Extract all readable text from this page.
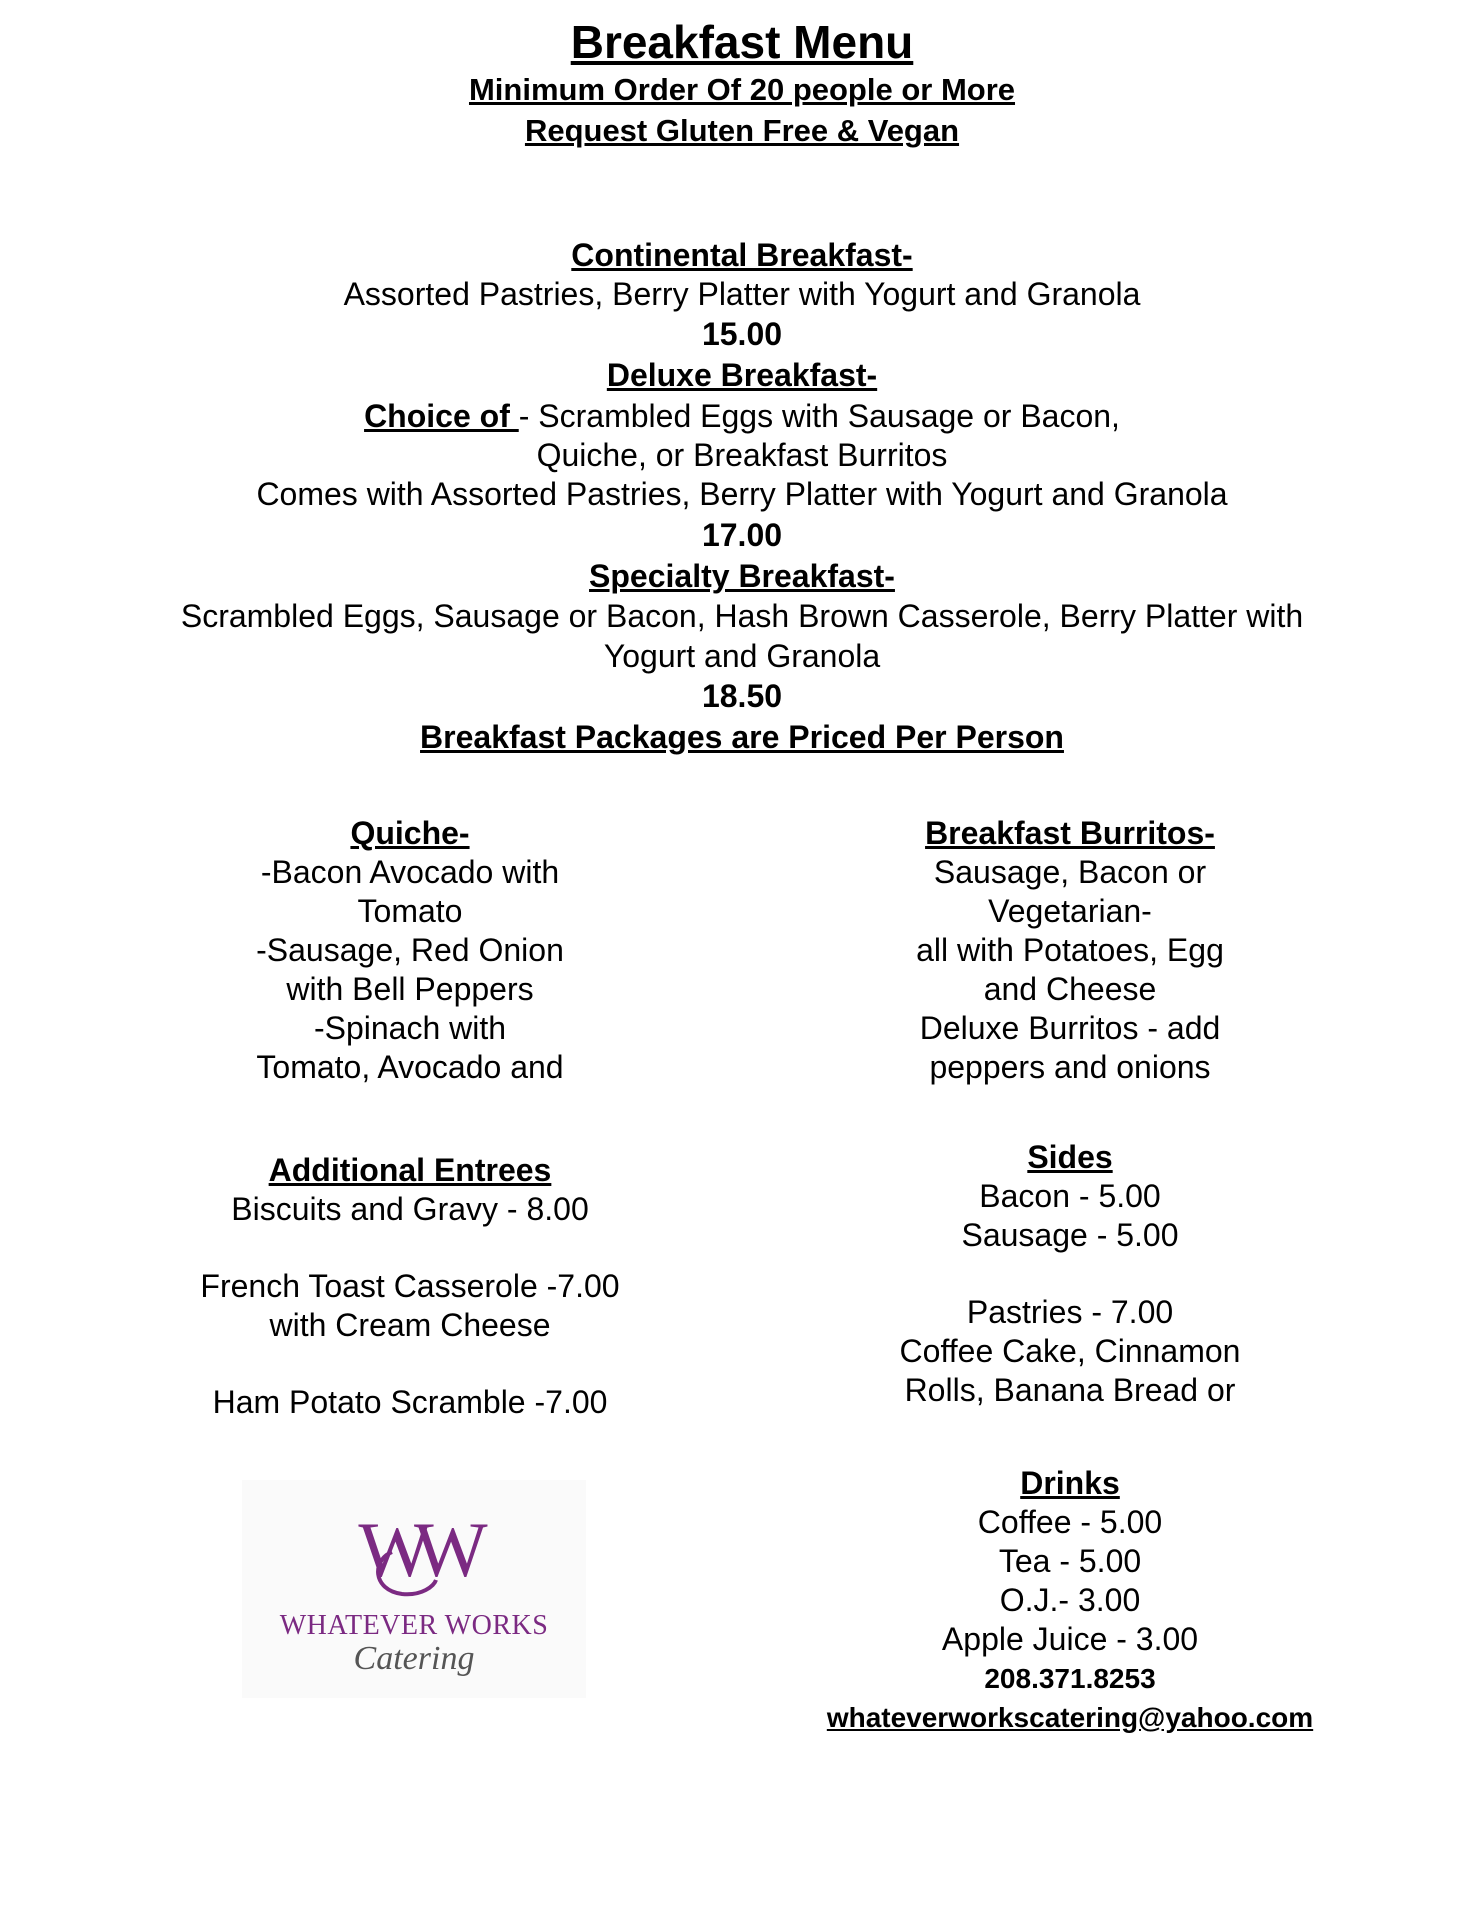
Breakfast Menu
Minimum Order Of 20 people or More
Request Gluten Free & Vegan
Continental Breakfast-
Assorted Pastries, Berry Platter with Yogurt and Granola
15.00
Deluxe Breakfast-
Choice of - Scrambled Eggs with Sausage or Bacon,
Quiche, or Breakfast Burritos
Comes with Assorted Pastries, Berry Platter with Yogurt and Granola
17.00
Specialty Breakfast-
Scrambled Eggs, Sausage or Bacon, Hash Brown Casserole, Berry Platter with
Yogurt and Granola
18.50
Breakfast Packages are Priced Per Person
Quiche-
-Bacon Avocado with
Tomato
-Sausage, Red Onion
with Bell Peppers
-Spinach with
Tomato, Avocado and
Breakfast Burritos-
Sausage, Bacon or
Vegetarian-
all with Potatoes, Egg
and Cheese
Deluxe Burritos - add
peppers and onions
Additional Entrees
Biscuits and Gravy - 8.00
French Toast Casserole -7.00
with Cream Cheese
Ham Potato Scramble -7.00
Sides
Bacon - 5.00
Sausage - 5.00
Pastries - 7.00
Coffee Cake, Cinnamon
Rolls, Banana Bread or
Drinks
Coffee - 5.00
Tea - 5.00
O.J.- 3.00
Apple Juice - 3.00
208.371.8253
whateverworkscatering@yahoo.com
WW
WHATEVER WORKS
Catering
